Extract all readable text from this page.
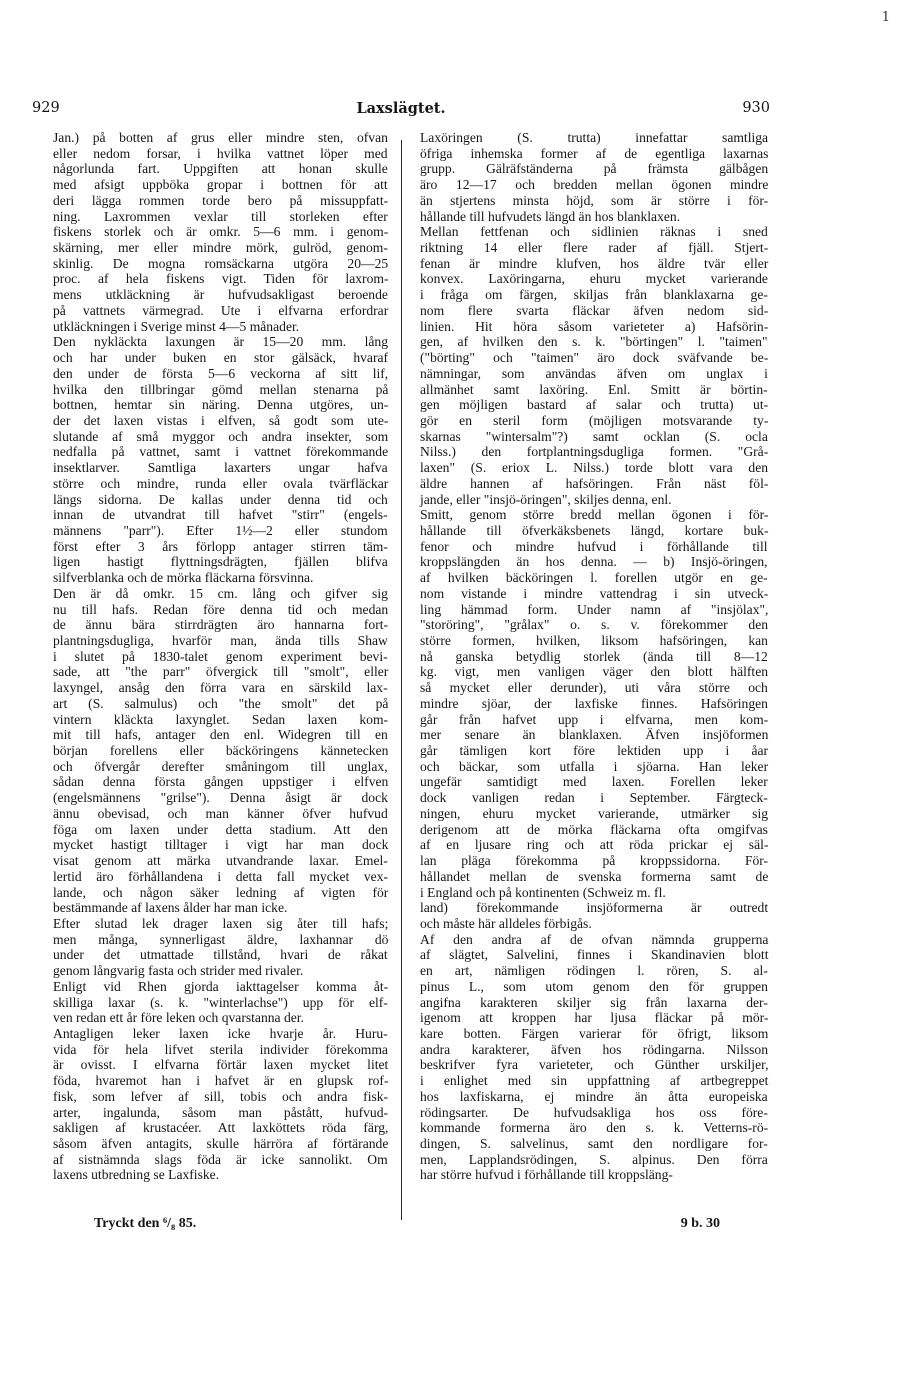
1
929	Laxslägtet.	930
Jan.) på botten af grus eller mindre sten, ofvan
eller nedom forsar, i hvilka vattnet löper med
någorlunda fart. Uppgiften att honan skulle
med afsigt uppböka gropar i bottnen för att
deri lägga rommen torde bero på missuppfatt-
ning. Laxrommen vexlar till storleken efter
fiskens storlek och är omkr. 5—6 mm. i genom-
skärning, mer eller mindre mörk, gulröd, genom-
skinlig. De mogna romsäckarna utgöra 20—25
proc. af hela fiskens vigt. Tiden för laxrom-
mens utkläckning är hufvudsakligast beroende
på vattnets värmegrad. Ute i elfvarna erfordrar
utkläckningen i Sverige minst 4—5 månader.
Den nykläckta laxungen är 15—20 mm. lång
och har under buken en stor gälsäck, hvaraf
den under de första 5—6 veckorna af sitt lif,
hvilka den tillbringar gömd mellan stenarna på
bottnen, hemtar sin näring. Denna utgöres, un-
der det laxen vistas i elfven, så godt som ute-
slutande af små myggor och andra insekter, som
nedfalla på vattnet, samt i vattnet förekommande
insektlarver. Samtliga laxarters ungar hafva
större och mindre, runda eller ovala tvärfläckar
längs sidorna. De kallas under denna tid och
innan de utvandrat till hafvet "stirr" (engels-
männens "parr"). Efter 1½—2 eller stundom
först efter 3 års förlopp antager stirren täm-
ligen hastigt flyttningsdrägten, fjällen blifva
silfverblanka och de mörka fläckarna försvinna.
Den är då omkr. 15 cm. lång och gifver sig
nu till hafs. Redan före denna tid och medan
de ännu bära stirrdrägten äro hannarna fort-
plantningsdugliga, hvarför man, ända tills Shaw
i slutet på 1830-talet genom experiment bevi-
sade, att "the parr" öfvergick till "smolt", eller
laxyngel, ansåg den förra vara en särskild lax-
art (S. salmulus) och "the smolt" det på
vintern kläckta laxynglet. Sedan laxen kom-
mit till hafs, antager den enl. Widegren till en
början forellens eller bäcköringens kännetecken
och öfvergår derefter småningom till unglax,
sådan denna första gången uppstiger i elfven
(engelsmännens "grilse"). Denna åsigt är dock
ännu obevisad, och man känner öfver hufvud
föga om laxen under detta stadium. Att den
mycket hastigt tilltager i vigt har man dock
visat genom att märka utvandrande laxar. Emel-
lertid äro förhållandena i detta fall mycket vex-
lande, och någon säker ledning af vigten för
bestämmande af laxens ålder har man icke.
Efter slutad lek drager laxen sig åter till hafs;
men många, synnerligast äldre, laxhannar dö
under det utmattade tillstånd, hvari de råkat
genom långvarig fasta och strider med rivaler.
Enligt vid Rhen gjorda iakttagelser komma åt-
skilliga laxar (s. k. "winterlachse") upp för elf-
ven redan ett år före leken och qvarstanna der.
Antagligen leker laxen icke hvarje år. Huru-
vida för hela lifvet sterila individer förekomma
är ovisst. I elfvarna förtär laxen mycket litet
föda, hvaremot han i hafvet är en glupsk rof-
fisk, som lefver af sill, tobis och andra fisk-
arter, ingalunda, såsom man påstått, hufvud-
sakligen af krustacéer. Att laxköttets röda färg,
såsom äfven antagits, skulle härröra af förtärande
af sistnämnda slags föda är icke sannolikt. Om
laxens utbredning se Laxfiske.
Laxöringen (S. trutta) innefattar samtliga
öfriga inhemska former af de egentliga laxarnas
grupp. Gälräfständerna på främsta gälbågen
äro 12—17 och bredden mellan ögonen mindre
än stjertens minsta höjd, som är större i för-
hållande till hufvudets längd än hos blanklaxen.
Mellan fettfenan och sidlinien räknas i sned
riktning 14 eller flere rader af fjäll. Stjert-
fenan är mindre klufven, hos äldre tvär eller
konvex. Laxöringarna, ehuru mycket varierande
i fråga om färgen, skiljas från blanklaxarna ge-
nom flere svarta fläckar äfven nedom sid-
linien. Hit höra såsom varieteter a) Hafsörin-
gen, af hvilken den s. k. "börtingen" l. "taimen"
("börting" och "taimen" äro dock sväfvande be-
nämningar, som användas äfven om unglax i
allmänhet samt laxöring. Enl. Smitt är börtin-
gen möjligen bastard af salar och trutta) ut-
gör en steril form (möjligen motsvarande ty-
skarnas "wintersalm"?) samt ocklan (S. ocla
Nilss.) den fortplantningsdugliga formen. "Grå-
laxen" (S. eriox L. Nilss.) torde blott vara den
äldre hannen af hafsöringen. Från näst föl-
jande, eller "insjö-öringen", skiljes denna, enl.
Smitt, genom större bredd mellan ögonen i för-
hållande till öfverkäksbenets längd, kortare buk-
fenor och mindre hufvud i förhållande till
kroppslängden än hos denna. — b) Insjö-öringen,
af hvilken bäcköringen l. forellen utgör en ge-
nom vistande i mindre vattendrag i sin utveck-
ling hämmad form. Under namn af "insjölax",
"storöring", "grålax" o. s. v. förekommer den
större formen, hvilken, liksom hafsöringen, kan
nå ganska betydlig storlek (ända till 8—12
kg. vigt, men vanligen väger den blott hälften
så mycket eller derunder), uti våra större och
mindre sjöar, der laxfiske finnes. Hafsöringen
går från hafvet upp i elfvarna, men kom-
mer senare än blanklaxen. Äfven insjöformen
går tämligen kort före lektiden upp i åar
och bäckar, som utfalla i sjöarna. Han leker
ungefär samtidigt med laxen. Forellen leker
dock vanligen redan i September. Färgteck-
ningen, ehuru mycket varierande, utmärker sig
derigenom att de mörka fläckarna ofta omgifvas
af en ljusare ring och att röda prickar ej säl-
lan pläga förekomma på kroppssidorna. För-
hållandet mellan de svenska formerna samt de
i England och på kontinenten (Schweiz m. fl.
land) förekommande insjöformerna är outredt
och måste här alldeles förbigås.
Af den andra af de ofvan nämnda grupperna
af slägtet, Salvelini, finnes i Skandinavien blott
en art, nämligen rödingen l. rören, S. al-
pinus L., som utom genom den för gruppen
angifna karakteren skiljer sig från laxarna der-
igenom att kroppen har ljusa fläckar på mör-
kare botten. Färgen varierar för öfrigt, liksom
andra karakterer, äfven hos rödingarna. Nilsson
beskrifver fyra varieteter, och Günther urskiljer,
i enlighet med sin uppfattning af artbegreppet
hos laxfiskarna, ej mindre än åtta europeiska
rödingsarter. De hufvudsakliga hos oss före-
kommande formerna äro den s. k. Vetterns-rö-
dingen, S. salvelinus, samt den nordligare for-
men, Lapplandsrödingen, S. alpinus. Den förra
har större hufvud i förhållande till kroppsläng-
Tryckt den ⁶/₈ 85.	9 b. 30
